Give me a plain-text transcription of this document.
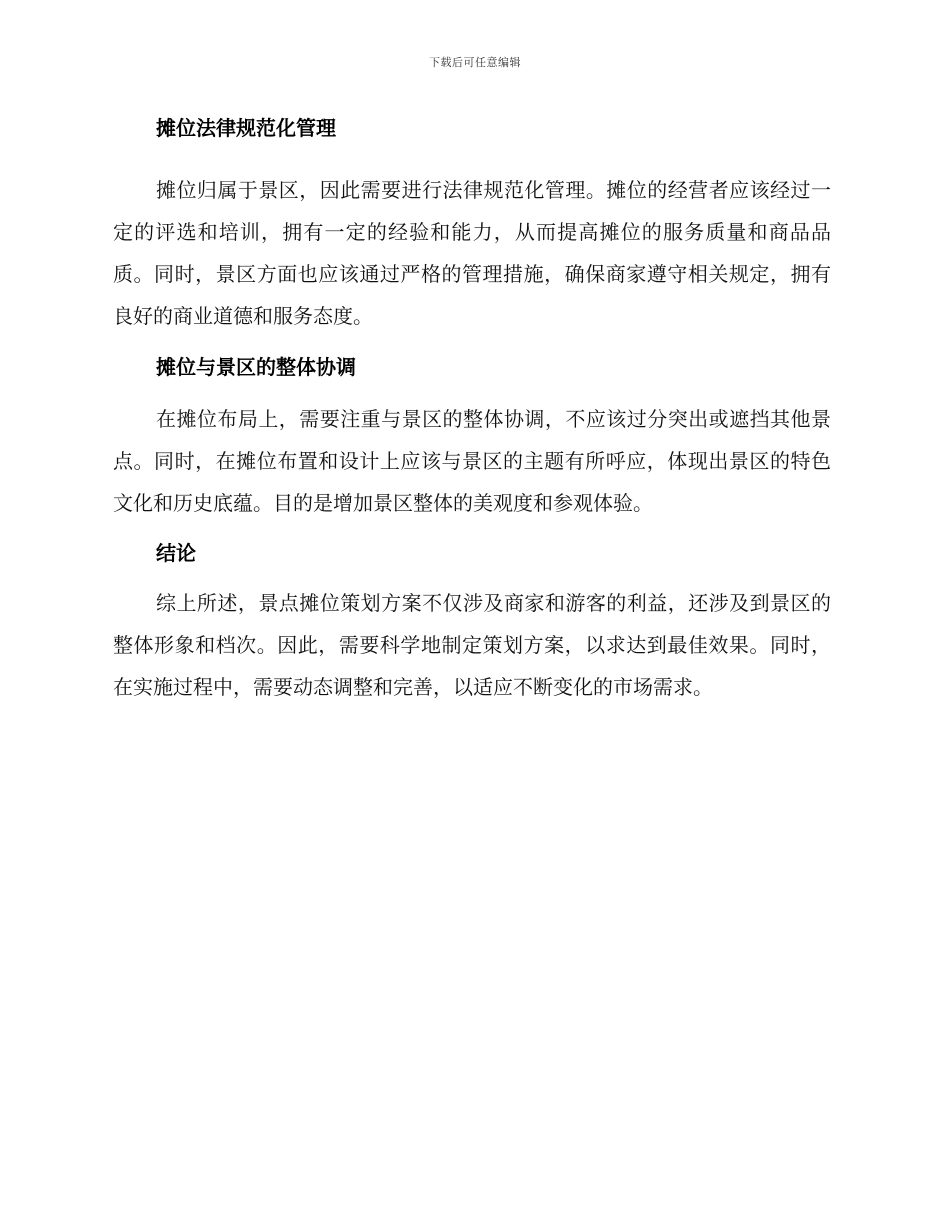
下载后可任意编辑
摊位法律规范化管理

摊位归属于景区，因此需要进行法律规范化管理。摊位的经营者应该经过一定的评选和培训，拥有一定的经验和能力，从而提高摊位的服务质量和商品品质。同时，景区方面也应该通过严格的管理措施，确保商家遵守相关规定，拥有良好的商业道德和服务态度。

摊位与景区的整体协调

在摊位布局上，需要注重与景区的整体协调，不应该过分突出或遮挡其他景点。同时，在摊位布置和设计上应该与景区的主题有所呼应，体现出景区的特色文化和历史底蕴。目的是增加景区整体的美观度和参观体验。

结论

综上所述，景点摊位策划方案不仅涉及商家和游客的利益，还涉及到景区的整体形象和档次。因此，需要科学地制定策划方案，以求达到最佳效果。同时，在实施过程中，需要动态调整和完善，以适应不断变化的市场需求。
